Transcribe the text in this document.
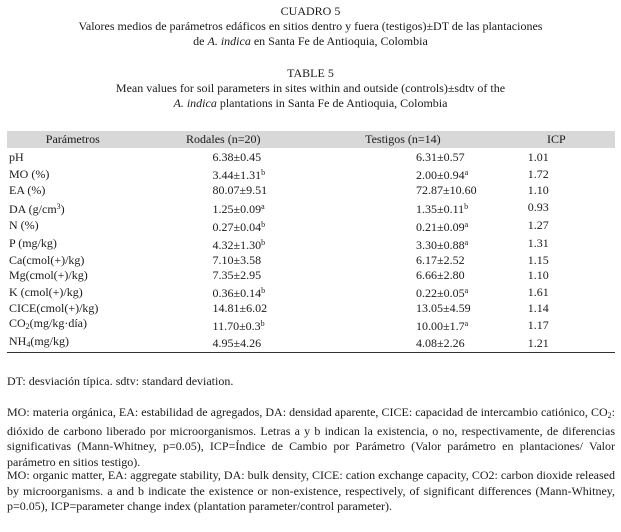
CUADRO 5
Valores medios de parámetros edáficos en sitios dentro y fuera (testigos)±DT de las plantaciones
de A. indica en Santa Fe de Antioquia, Colombia
TABLE 5
Mean values for soil parameters in sites within and outside (controls)±sdtv of the
A. indica plantations in Santa Fe de Antioquia, Colombia
Parámetros	Rodales (n=20)	Testigos (n=14)	ICP
pH	6.38±0.45	6.31±0.57	1.01
MO (%)	3.44±1.31$^b$	2.00±0.94$^a$	1.72
EA (%)	80.07±9.51	72.87±10.60	1.10
DA $(g/cm^3)$	1.25±0.09$^a$	1.35±0.11$^b$	0.93
N (%)	0.27±0.04$^b$	0.21±0.09$^a$	1.27
P (mg/kg)	4.32±1.30$^b$	3.30±0.88$^a$	1.31
Ca(cmol(+)/kg)	7.10±3.58	6.17±2.52	1.15
Mg(cmol(+)/kg)	7.35±2.95	6.66±2.80	1.10
K (cmol(+)/kg)	0.36±0.14$^b$	0.22±0.05$^a$	1.61
CICE(cmol(+)/kg)	14.81±6.02	13.05±4.59	1.14
$CO_2(mg/kg\cdot día)$	11.70±0.3$^b$	10.00±1.7$^a$	1.17
$NH_4(mg/kg)$	4.95±4.26	4.08±2.26	1.21
DT: desviación típica. sdtv: standard deviation.
MO: materia orgánica, EA: estabilidad de agregados, DA: densidad aparente, CICE: capacidad de intercambio catiónico, $CO_2$: dióxido de carbono liberado por microorganismos. Letras a y b indican la existencia, o no, respectivamente, de diferencias significativas (Mann-Whitney, p=0.05), ICP=Índice de Cambio por Parámetro (Valor parámetro en plantaciones/ Valor parámetro en sitios testigo).
MO: organic matter, EA: aggregate stability, DA: bulk density, CICE: cation exchange capacity, CO2: carbon dioxide released by microorganisms. a and b indicate the existence or non-existence, respectively, of significant differences (Mann-Whitney, p=0.05), ICP=parameter change index (plantation parameter/control parameter).
